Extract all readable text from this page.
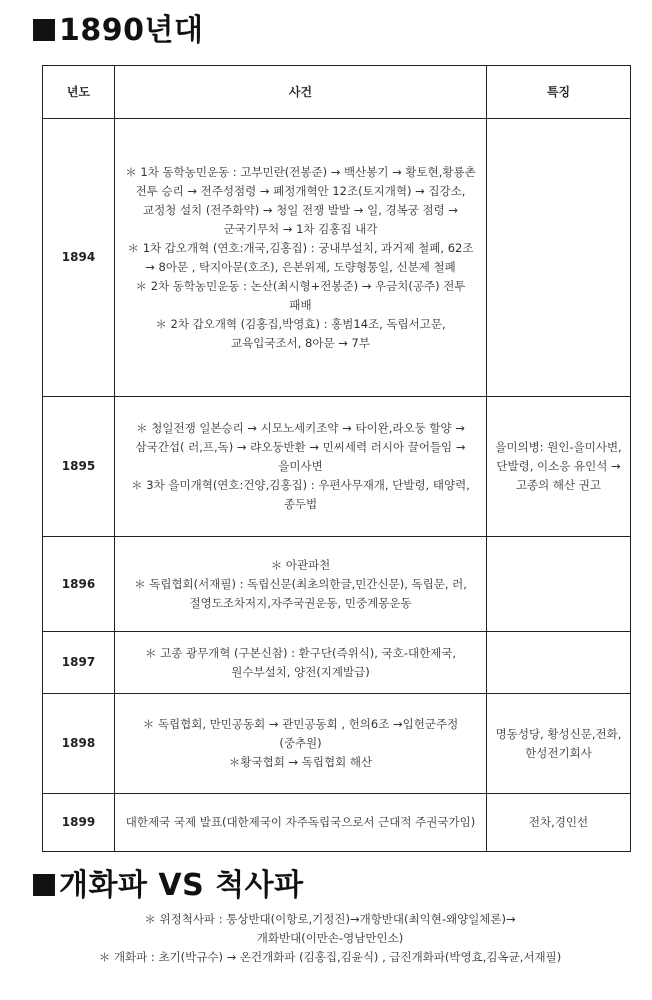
1890년대
년도	사건	특징
1894	＊ 1차 동학농민운동 : 고부민란(전봉준) → 백산봉기 → 황토현,황룡촌 전투 승리 → 전주성점령 → 폐정개혁안 12조(토지개혁) → 집강소, 교정청 설치 (전주화약) → 청일 전쟁 발발 → 일, 경복궁 점령 → 군국기무처 → 1차 김홍집 내각
＊ 1차 갑오개혁 (연호:개국,김홍집) : 궁내부설치, 과거제 철폐, 62조 → 8아문 , 탁지아문(호조), 은본위제, 도량형통일, 신분제 철폐
＊ 2차 동학농민운동 : 논산(최시형+전봉준) → 우금치(공주) 전투 패배
＊ 2차 갑오개혁 (김홍집,박영효) : 홍범14조, 독립서고문,교육입국조서, 8아문 → 7부	

1895	＊ 청일전쟁 일본승리 → 시모노세키조약 → 타이완,라오둥 할양 →삼국간섭( 러,프,독) → 랴오둥반환 → 민씨세력 러시아 끌어들임 → 을미사변
＊ 3차 을미개혁(연호:건양,김홍집) : 우편사무재개, 단발령, 태양력, 종두법	을미의병: 원인-을미사변, 단발령, 이소응 유인석 → 고종의 해산 권고
1896	＊ 아관파천
＊ 독립협회(서재필) : 독립신문(최초의한글,민간신문), 독립문, 러,절영도조차저지,자주국권운동, 민중계몽운동	

1897	＊ 고종 광무개혁 (구본신참) : 환구단(즉위식), 국호-대한제국,원수부설치, 양전(지계발급)	

1898	＊ 독립협회, 만민공동회 → 관민공동회 , 헌의6조 →입헌군주정(중추원)
＊황국협회 → 독립협회 해산	명동성당, 황성신문,전화,한성전기회사
1899	대한제국 국제 발표(대한제국이 자주독립국으로서 근대적 주권국가임)	전차,경인선
개화파 VS 척사파
＊ 위정척사파 : 통상반대(이항로,기정진)→개항반대(최익현-왜양일체론)→
개화반대(이만손-영남만인소)
＊ 개화파 : 초기(박규수) → 온건개화파 (김홍집,김윤식) , 급진개화파(박영효,김옥균,서재필)
